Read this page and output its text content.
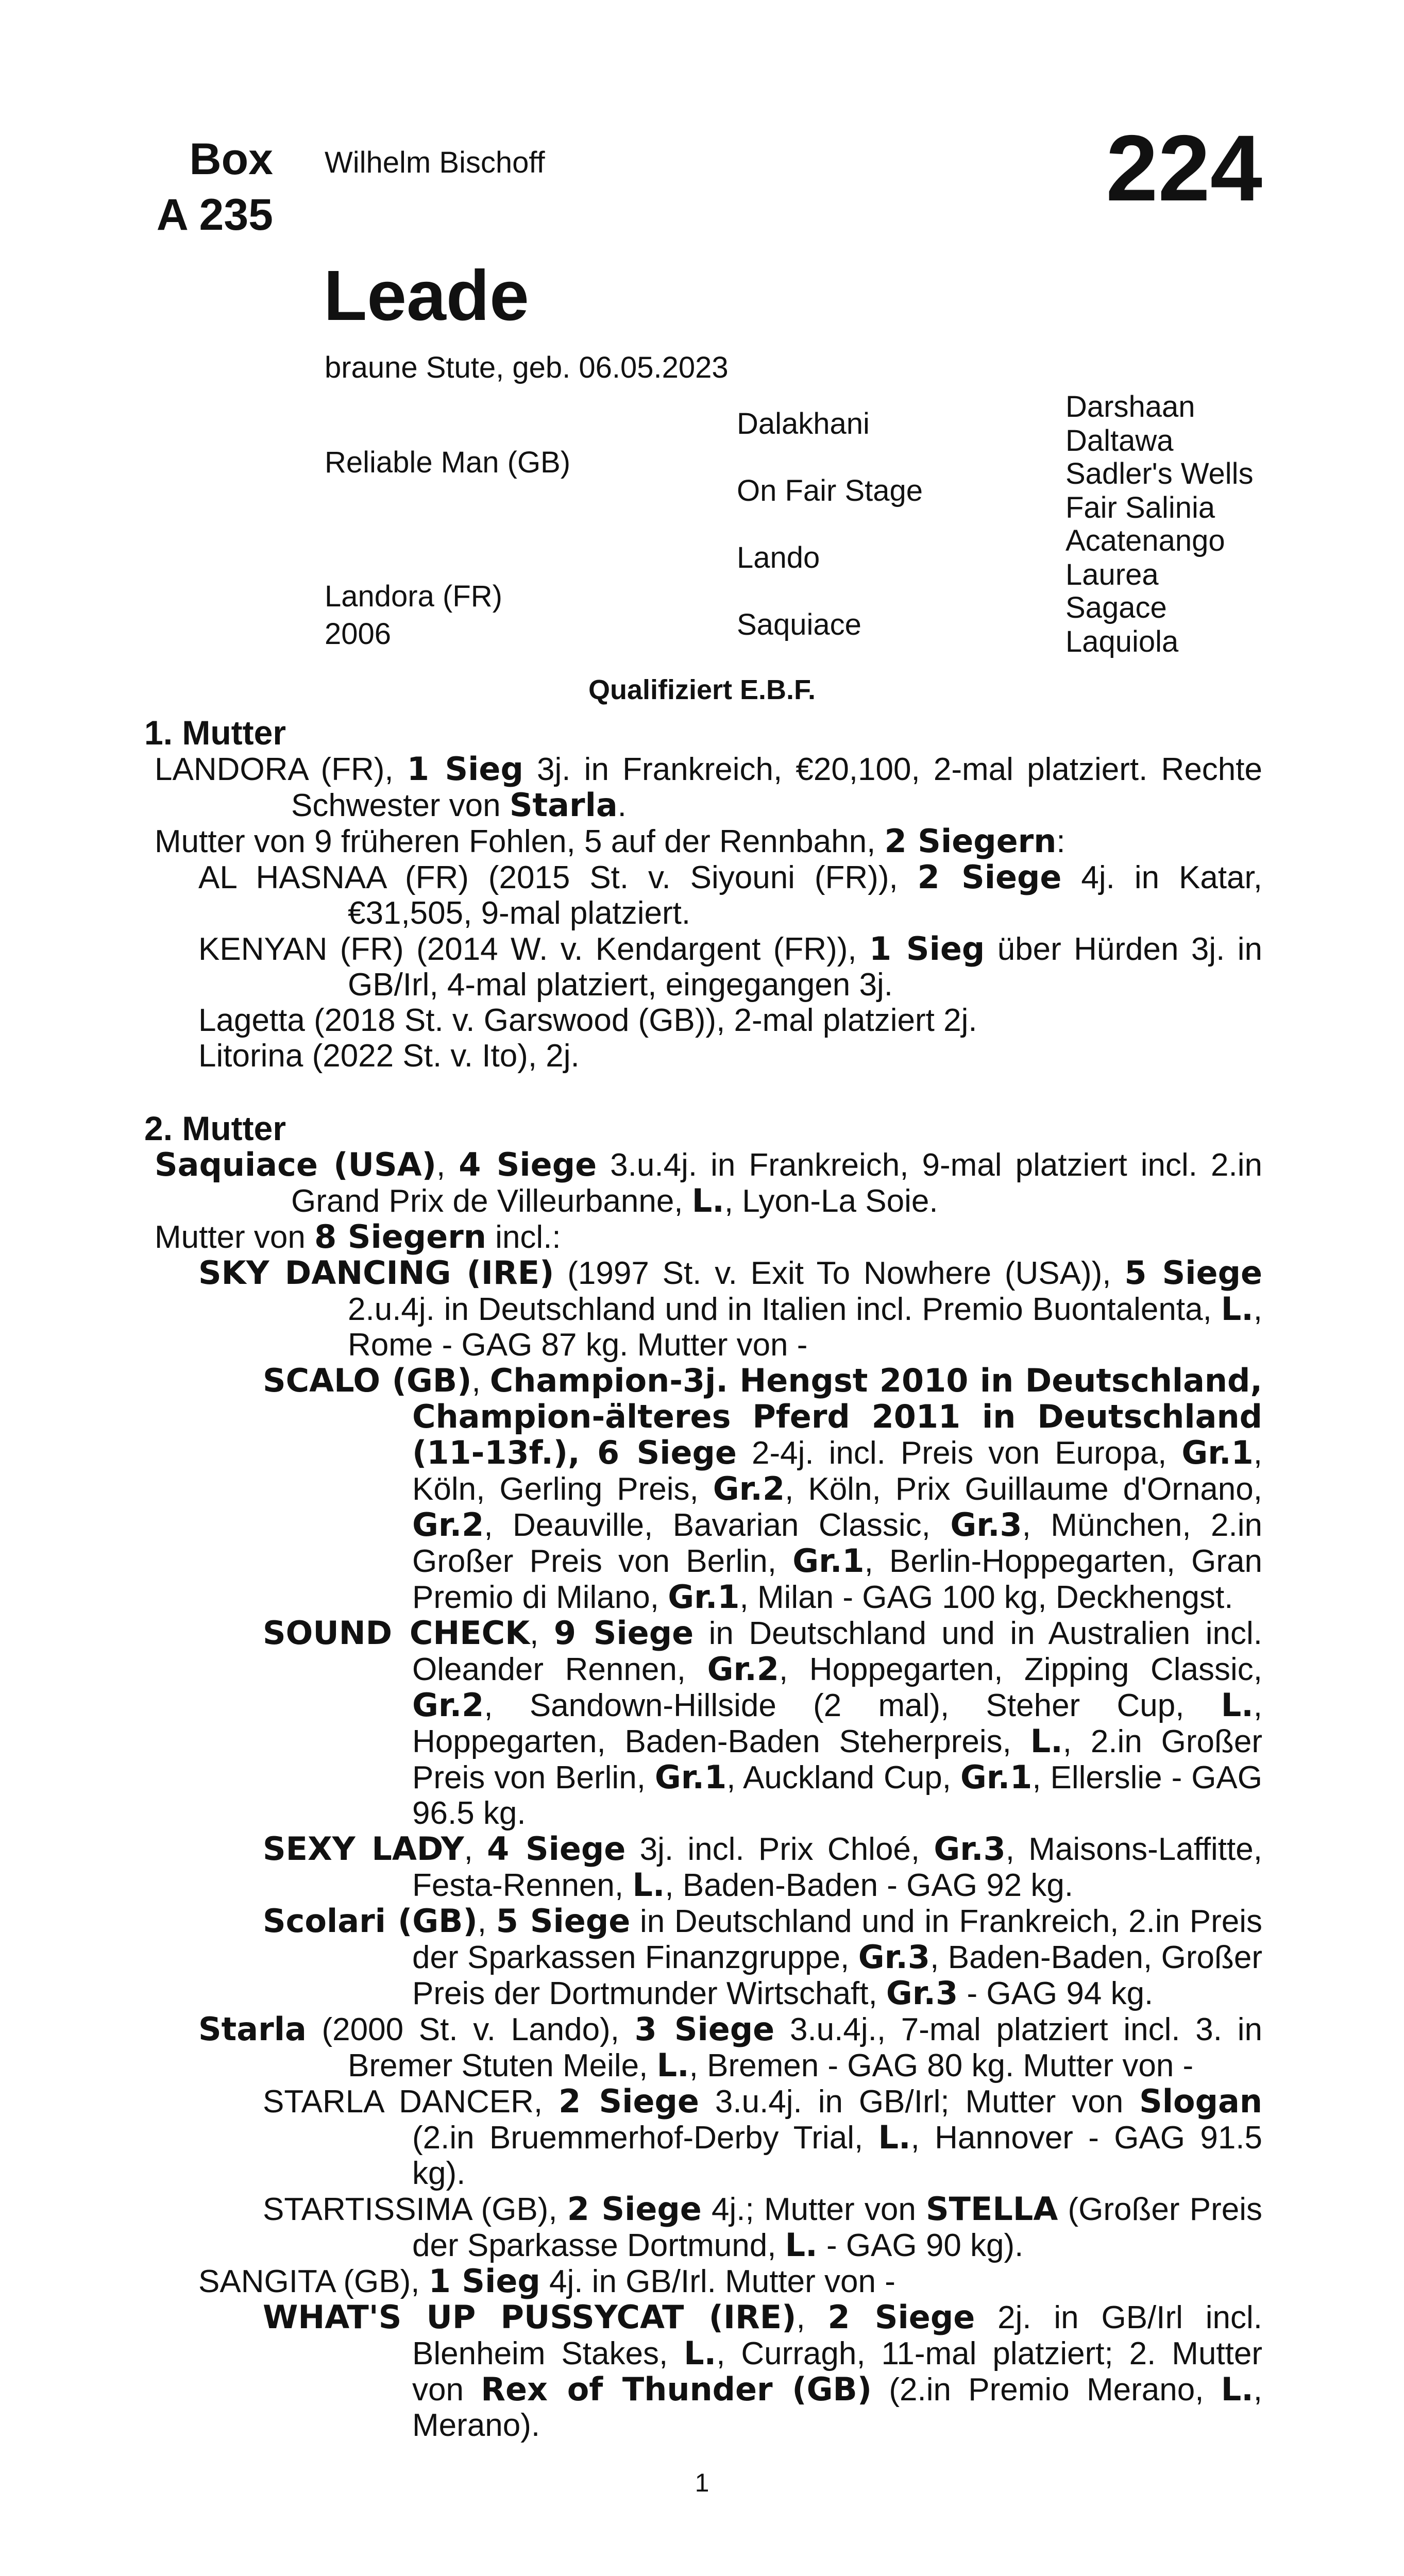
Box
A 235
Wilhelm Bischoff	224
Leade
braune Stute, geb. 06.05.2023
Reliable Man (GB)
Landora (FR)
2006
Dalakhani
On Fair Stage
Lando
Saquiace
Darshaan
Daltawa
Sadler's Wells
Fair Salinia
Acatenango
Laurea
Sagace
Laquiola
Qualifiziert E.B.F.
1. Mutter

LANDORA (FR), 1 Sieg 3j. in Frankreich, €20,100, 2-mal platziert. Rechte Schwester von Starla.

Mutter von 9 früheren Fohlen, 5 auf der Rennbahn, 2 Siegern:

AL HASNAA (FR) (2015 St. v. Siyouni (FR)), 2 Siege 4j. in Katar, €31,505, 9-mal platziert.

KENYAN (FR) (2014 W. v. Kendargent (FR)), 1 Sieg über Hürden 3j. in GB/Irl, 4-mal platziert, eingegangen 3j.

Lagetta (2018 St. v. Garswood (GB)), 2-mal platziert 2j.

Litorina (2022 St. v. Ito), 2j.

2. Mutter

Saquiace (USA), 4 Siege 3.u.4j. in Frankreich, 9-mal platziert incl. 2.in Grand Prix de Villeurbanne, L., Lyon-La Soie.

Mutter von 8 Siegern incl.:

SKY DANCING (IRE) (1997 St. v. Exit To Nowhere (USA)), 5 Siege 2.u.4j. in Deutschland und in Italien incl. Premio Buontalenta, L., Rome - GAG 87 kg. Mutter von -

SCALO (GB), Champion-3j. Hengst 2010 in Deutschland, Champion-älteres Pferd 2011 in Deutschland (11-13f.), 6 Siege 2-4j. incl. Preis von Europa, Gr.1, Köln, Gerling Preis, Gr.2, Köln, Prix Guillaume d'Ornano, Gr.2, Deauville, Bavarian Classic, Gr.3, München, 2.in Großer Preis von Berlin, Gr.1, Berlin-Hoppegarten, Gran Premio di Milano, Gr.1, Milan - GAG 100 kg, Deckhengst.

SOUND CHECK, 9 Siege in Deutschland und in Australien incl. Oleander Rennen, Gr.2, Hoppegarten, Zipping Classic, Gr.2, Sandown-Hillside (2 mal), Steher Cup, L., Hoppegarten, Baden-Baden Steherpreis, L., 2.in Großer Preis von Berlin, Gr.1, Auckland Cup, Gr.1, Ellerslie - GAG 96.5 kg.

SEXY LADY, 4 Siege 3j. incl. Prix Chloé, Gr.3, Maisons-Laffitte, Festa-Rennen, L., Baden-Baden - GAG 92 kg.

Scolari (GB), 5 Siege in Deutschland und in Frankreich, 2.in Preis der Sparkassen Finanzgruppe, Gr.3, Baden-Baden, Großer Preis der Dortmunder Wirtschaft, Gr.3 - GAG 94 kg.

Starla (2000 St. v. Lando), 3 Siege 3.u.4j., 7-mal platziert incl. 3. in Bremer Stuten Meile, L., Bremen - GAG 80 kg. Mutter von -

STARLA DANCER, 2 Siege 3.u.4j. in GB/Irl; Mutter von Slogan (2.in Bruemmerhof-Derby Trial, L., Hannover - GAG 91.5 kg).

STARTISSIMA (GB), 2 Siege 4j.; Mutter von STELLA (Großer Preis der Sparkasse Dortmund, L. - GAG 90 kg).

SANGITA (GB), 1 Sieg 4j. in GB/Irl. Mutter von -

WHAT'S UP PUSSYCAT (IRE), 2 Siege 2j. in GB/Irl incl. Blenheim Stakes, L., Curragh, 11-mal platziert; 2. Mutter von Rex of Thunder (GB) (2.in Premio Merano, L., Merano).

1
